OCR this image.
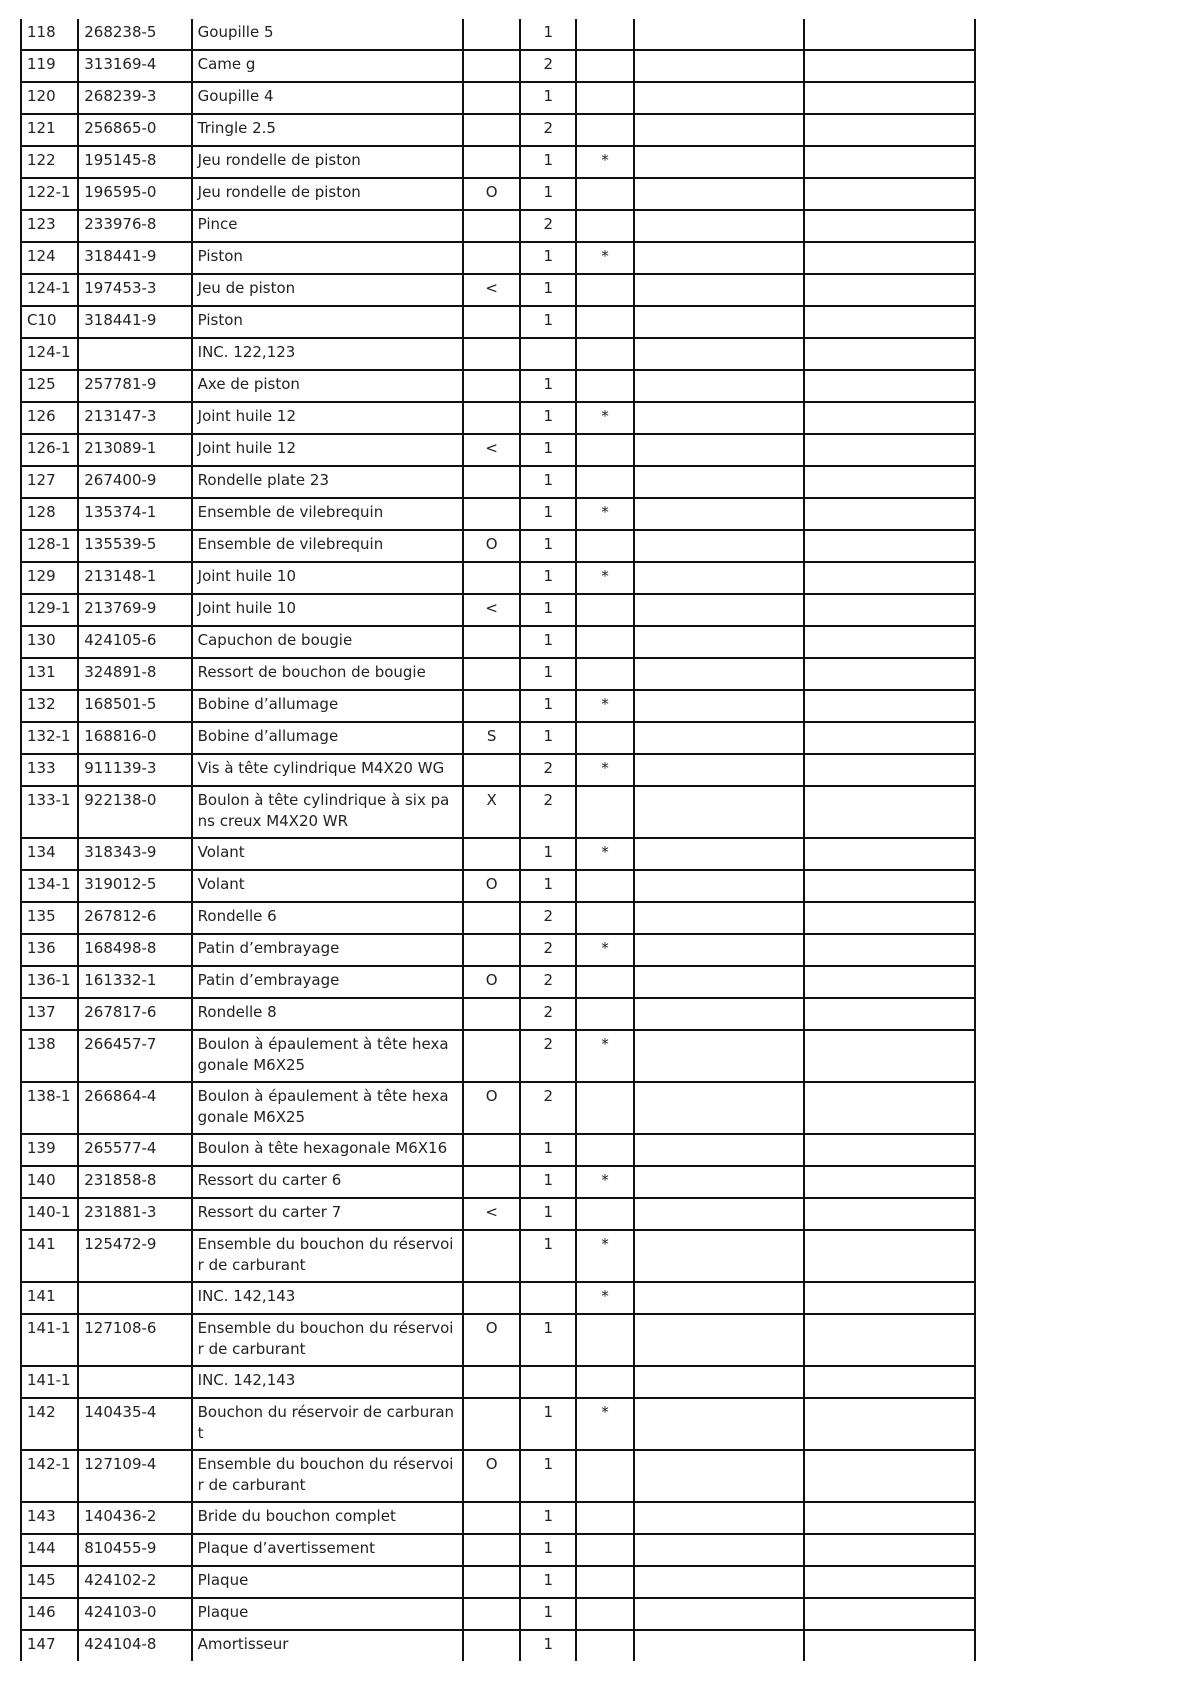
118	268238-5	Goupille 5		1			
119	313169-4	Came g		2			
120	268239-3	Goupille 4		1			
121	256865-0	Tringle 2.5		2			
122	195145-8	Jeu rondelle de piston		1	*		
122-1	196595-0	Jeu rondelle de piston	O	1			
123	233976-8	Pince		2			
124	318441-9	Piston		1	*		
124-1	197453-3	Jeu de piston	<	1			
C10	318441-9	Piston		1			
124-1		INC. 122,123					
125	257781-9	Axe de piston		1			
126	213147-3	Joint huile 12		1	*		
126-1	213089-1	Joint huile 12	<	1			
127	267400-9	Rondelle plate 23		1			
128	135374-1	Ensemble de vilebrequin		1	*		
128-1	135539-5	Ensemble de vilebrequin	O	1			
129	213148-1	Joint huile 10		1	*		
129-1	213769-9	Joint huile 10	<	1			
130	424105-6	Capuchon de bougie		1			
131	324891-8	Ressort de bouchon de bougie		1			
132	168501-5	Bobine d’allumage		1	*		
132-1	168816-0	Bobine d’allumage	S	1			
133	911139-3	Vis à tête cylindrique M4X20 WG		2	*		
133-1	922138-0	Boulon à tête cylindrique à six pans creux M4X20 WR	X	2			
134	318343-9	Volant		1	*		
134-1	319012-5	Volant	O	1			
135	267812-6	Rondelle 6		2			
136	168498-8	Patin d’embrayage		2	*		
136-1	161332-1	Patin d’embrayage	O	2			
137	267817-6	Rondelle 8		2			
138	266457-7	Boulon à épaulement à tête hexagonale M6X25		2	*		
138-1	266864-4	Boulon à épaulement à tête hexagonale M6X25	O	2			
139	265577-4	Boulon à tête hexagonale M6X16		1			
140	231858-8	Ressort du carter 6		1	*		
140-1	231881-3	Ressort du carter 7	<	1			
141	125472-9	Ensemble du bouchon du réservoir de carburant		1	*		
141		INC. 142,143			*		
141-1	127108-6	Ensemble du bouchon du réservoir de carburant	O	1			
141-1		INC. 142,143					
142	140435-4	Bouchon du réservoir de carburant		1	*		
142-1	127109-4	Ensemble du bouchon du réservoir de carburant	O	1			
143	140436-2	Bride du bouchon complet		1			
144	810455-9	Plaque d’avertissement		1			
145	424102-2	Plaque		1			
146	424103-0	Plaque		1			
147	424104-8	Amortisseur		1			
